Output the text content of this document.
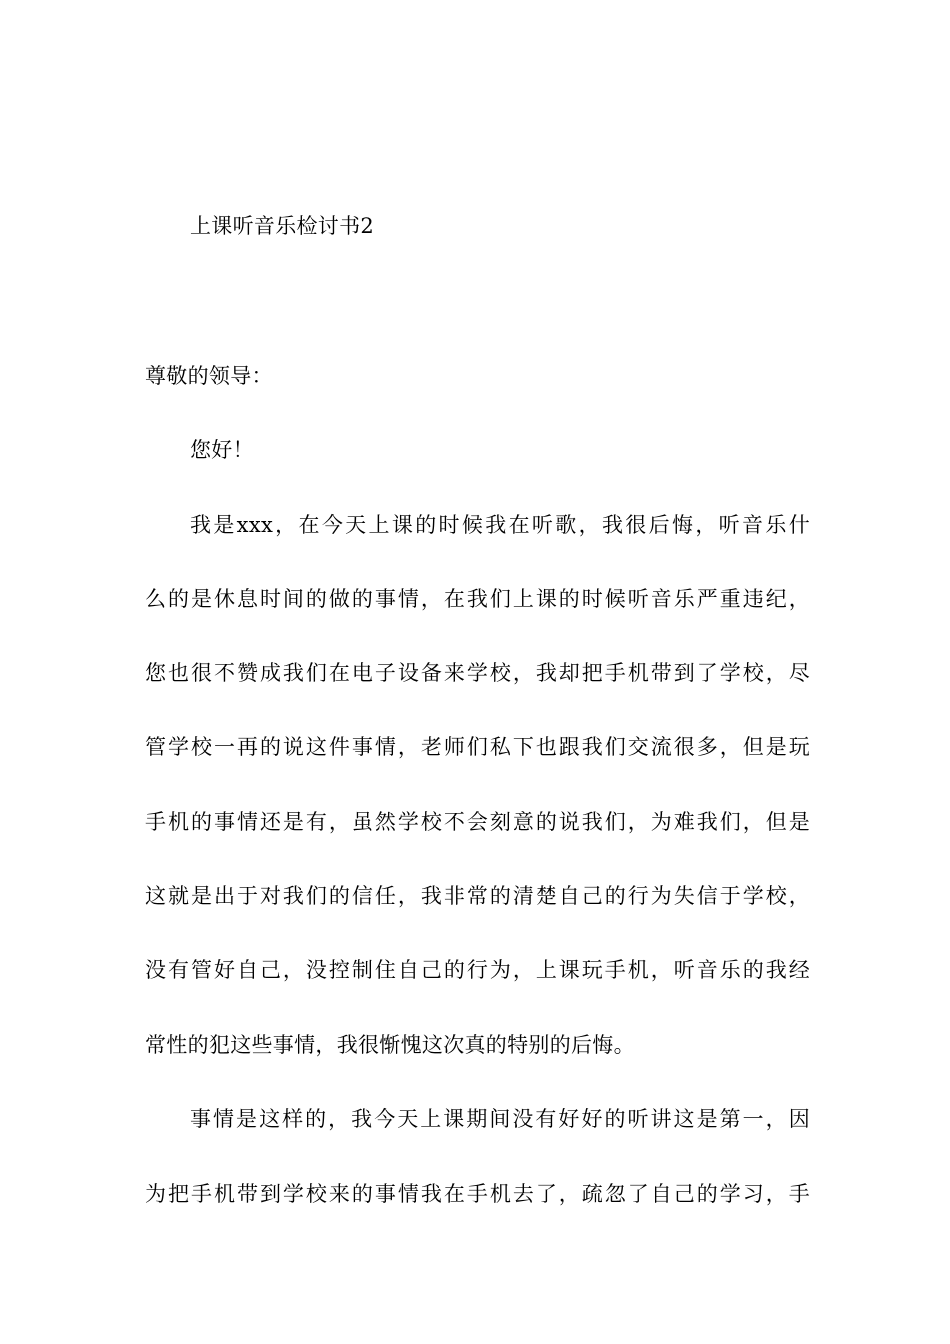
上课听音乐检讨书2
尊敬的领导：
您好！
我是xxx，在今天上课的时候我在听歌，我很后悔，听音乐什
么的是休息时间的做的事情，在我们上课的时候听音乐严重违纪，
您也很不赞成我们在电子设备来学校，我却把手机带到了学校，尽
管学校一再的说这件事情，老师们私下也跟我们交流很多，但是玩
手机的事情还是有，虽然学校不会刻意的说我们，为难我们，但是
这就是出于对我们的信任，我非常的清楚自己的行为失信于学校，
没有管好自己，没控制住自己的行为，上课玩手机，听音乐的我经
常性的犯这些事情，我很惭愧这次真的特别的后悔。
事情是这样的，我今天上课期间没有好好的听讲这是第一，因
为把手机带到学校来的事情我在手机去了，疏忽了自己的学习，手
